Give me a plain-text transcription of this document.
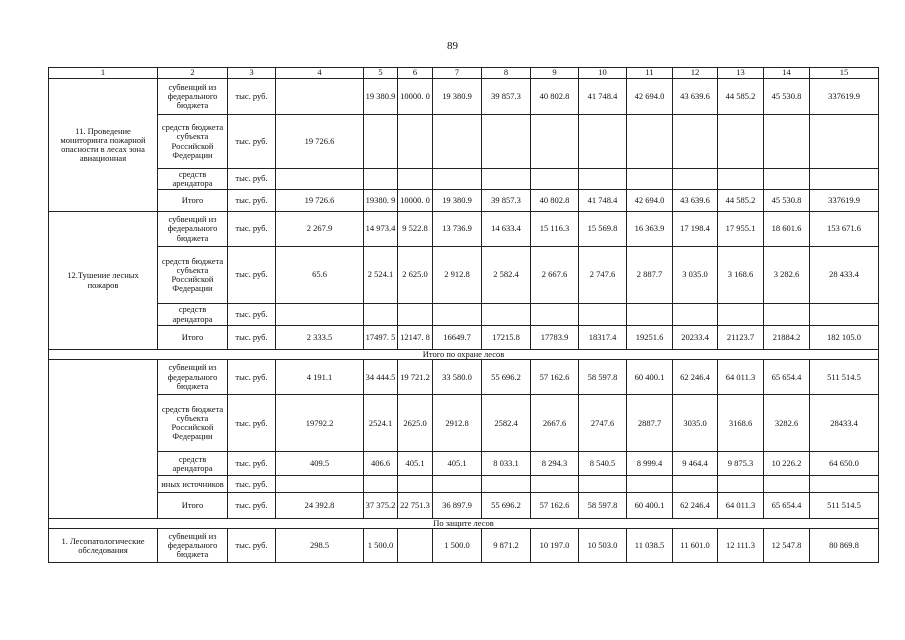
89
1	2	3	4	5	6	7	8	9	10	11	12	13	14	15
11. Проведение мониторинга пожарной опасности в лесах зона авиационная	субвенций из федерального бюджета	тыс. руб.		19 380.9	10000. 0	19 380.9	39 857.3	40 802.8	41 748.4	42 694.0	43 639.6	44 585.2	45 530.8	337619.9
	средств бюджета субъекта Российской Федерации	тыс. руб.	19 726.6											
	средств арендатора	тыс. руб.												
	Итого	тыс. руб.	19 726.6	19380. 9	10000. 0	19 380.9	39 857.3	40 802.8	41 748.4	42 694.0	43 639.6	44 585.2	45 530.8	337619.9
12.Тушение лесных пожаров	субвенций из федерального бюджета	тыс. руб.	2 267.9	14 973.4	9 522.8	13 736.9	14 633.4	15 116.3	15 569.8	16 363.9	17 198.4	17 955.1	18 601.6	153 671.6
	средств бюджета субъекта Российской Федерации	тыс. руб.	65.6	2 524.1	2 625.0	2 912.8	2 582.4	2 667.6	2 747.6	2 887.7	3 035.0	3 168.6	3 282.6	28 433.4
	средств арендатора	тыс. руб.												
	Итого	тыс. руб.	2 333.5	17497. 5	12147. 8	16649.7	17215.8	17783.9	18317.4	19251.6	20233.4	21123.7	21884.2	182 105.0
Итого по охране лесов														
	субвенций из федерального бюджета	тыс. руб.	4 191.1	34 444.5	19 721.2	33 580.0	55 696.2	57 162.6	58 597.8	60 400.1	62 246.4	64 011.3	65 654.4	511 514.5
	средств бюджета субъекта Российской Федерации	тыс. руб.	19792.2	2524.1	2625.0	2912.8	2582.4	2667.6	2747.6	2887.7	3035.0	3168.6	3282.6	28433.4
	средств арендатора	тыс. руб.	409.5	406.6	405.1	405.1	8 033.1	8 294.3	8 540.5	8 999.4	9 464.4	9 875.3	10 226.2	64 650.0
	иных источников	тыс. руб.												
	Итого	тыс. руб.	24 392.8	37 375.2	22 751.3	36 897.9	55 696.2	57 162.6	58 597.8	60 400.1	62 246.4	64 011.3	65 654.4	511 514.5
По защите лесов														
1. Лесопатологические обследования	субвенций из федерального бюджета	тыс. руб.	298.5	1 500.0		1 500.0	9 871.2	10 197.0	10 503.0	11 038.5	11 601.0	12 111.3	12 547.8	80 869.8
